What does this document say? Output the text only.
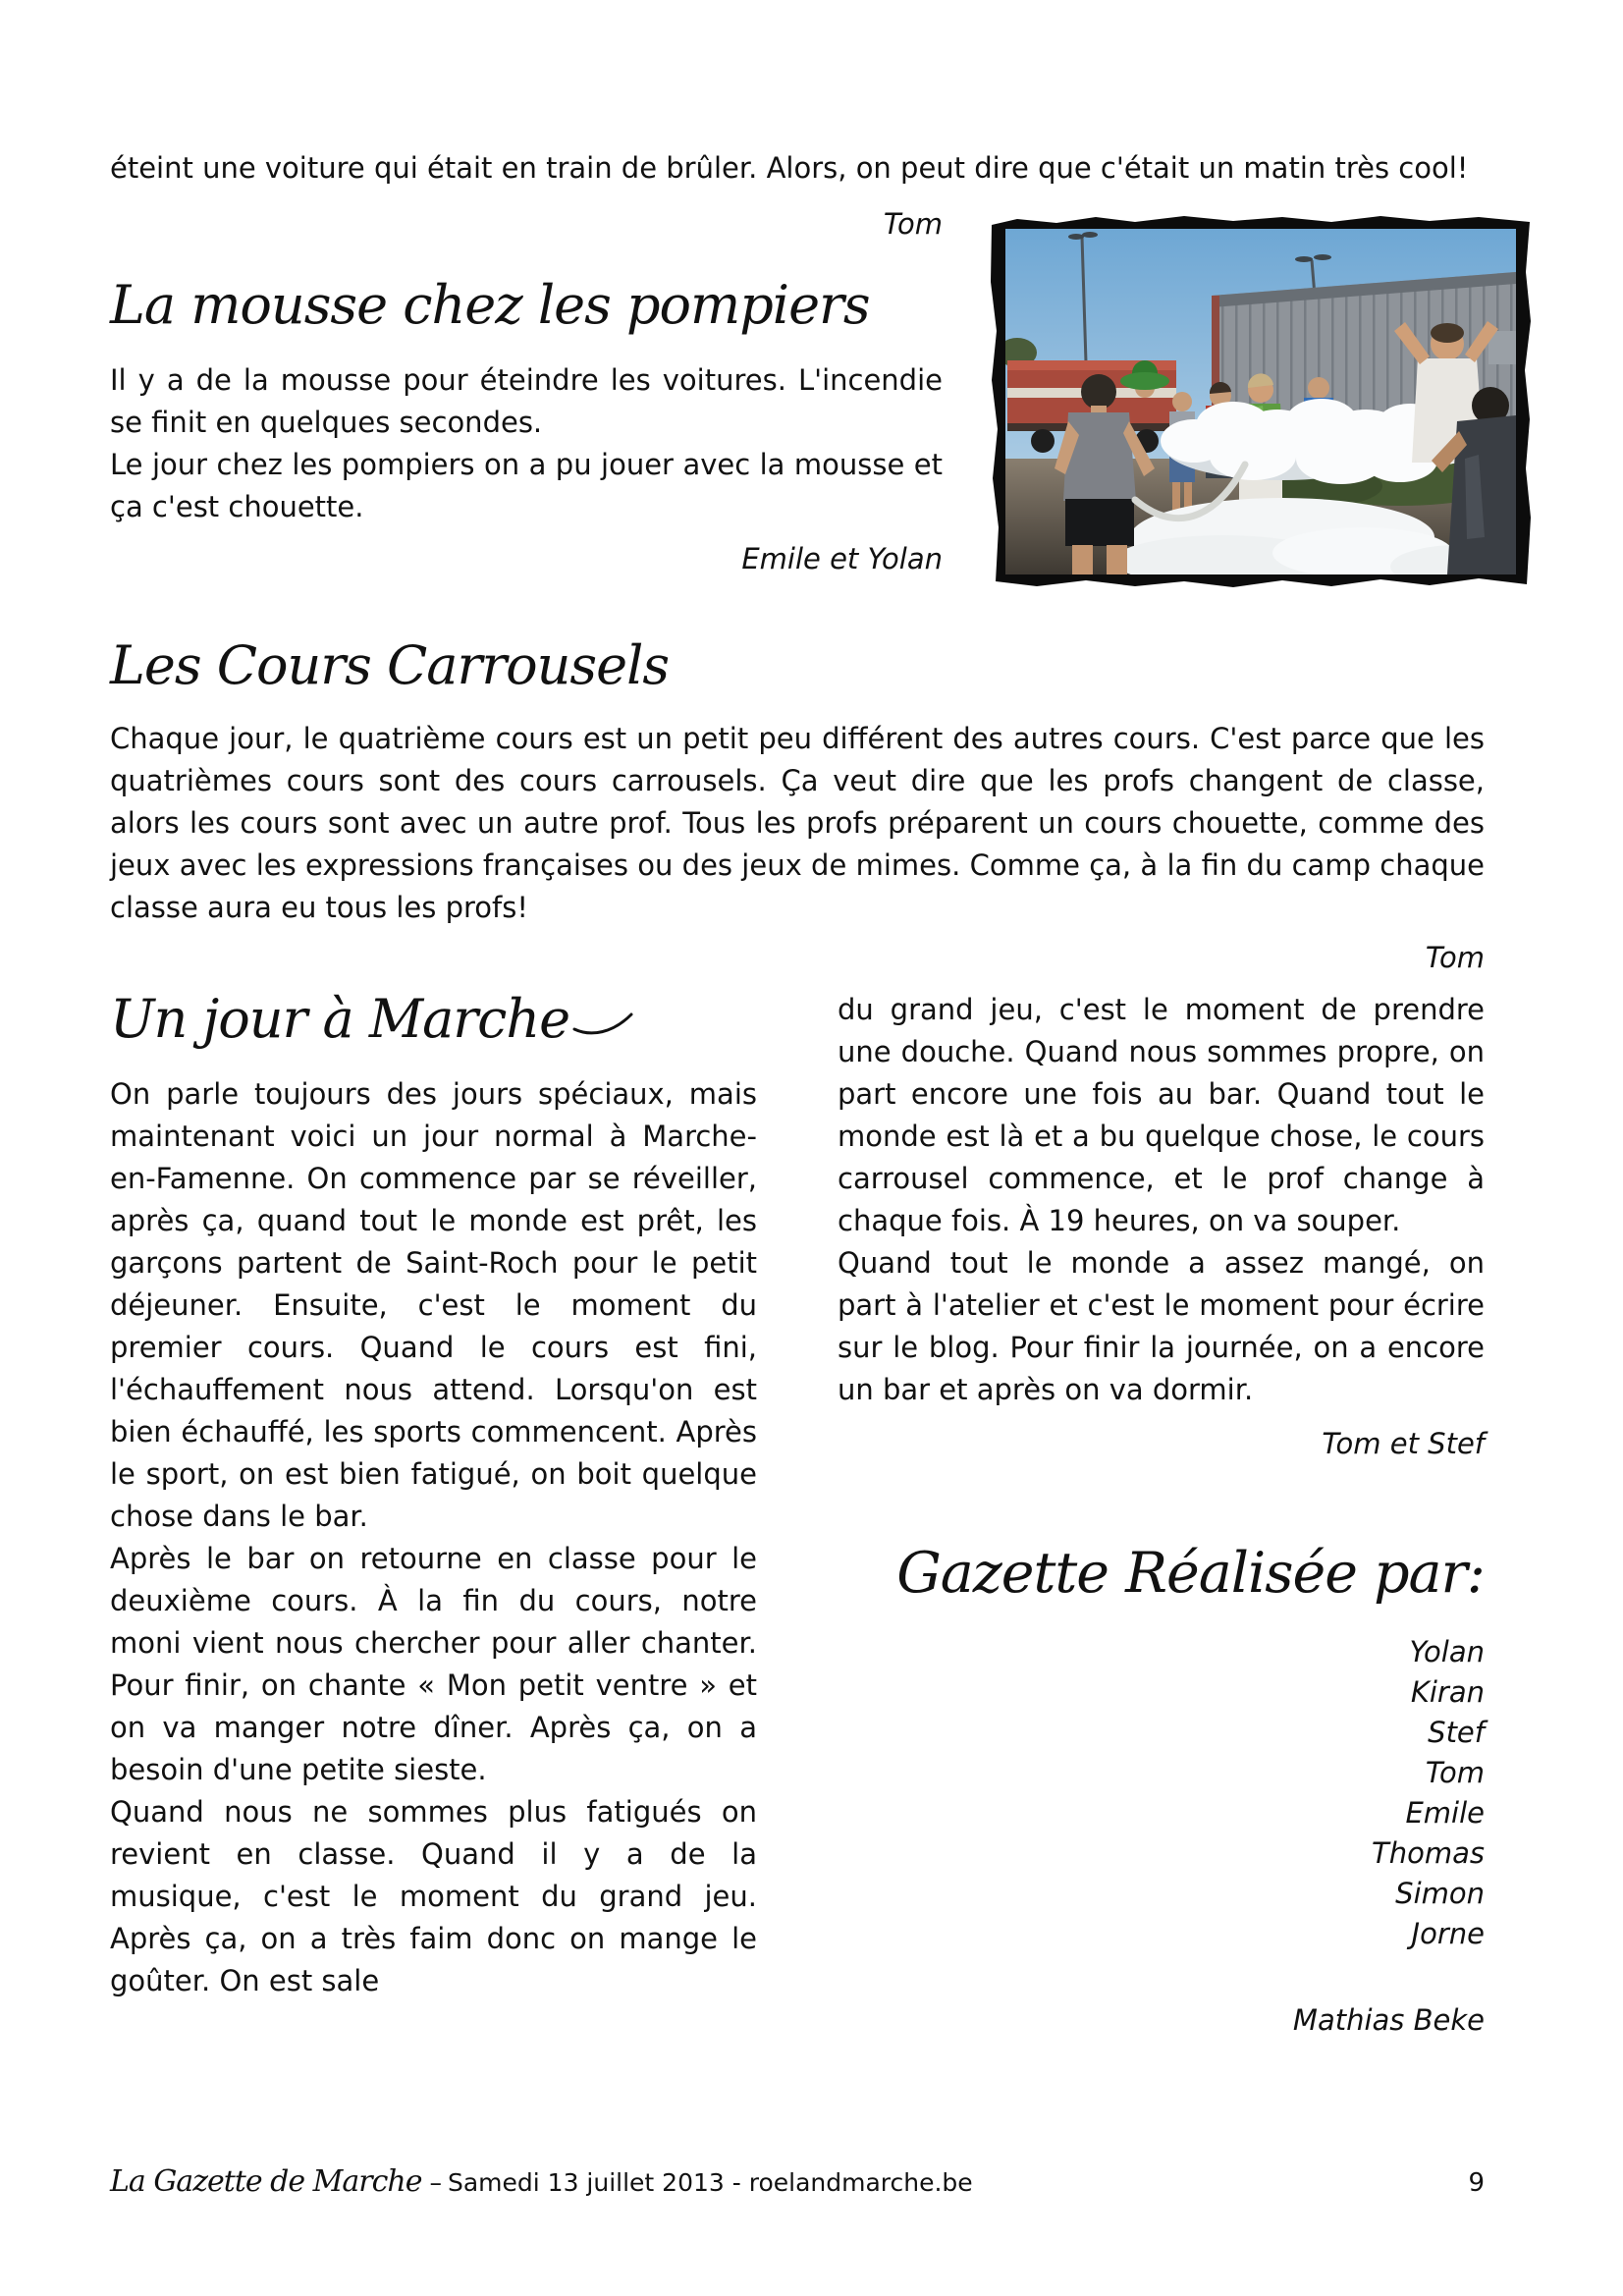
éteint une voiture qui était en train de brûler. Alors, on peut dire que c'était un matin très cool!

Tom

La mousse chez les pompiers

Il y a de la mousse pour éteindre les voitures. L'incendie se finit en quelques secondes.

Le jour chez les pompiers on a pu jouer avec la mousse et ça c'est chouette.

Emile et Yolan

Les Cours Carrousels

Chaque jour, le quatrième cours est un petit peu différent des autres cours. C'est parce que les quatrièmes cours sont des cours carrousels. Ça veut dire que les profs changent de classe, alors les cours sont avec un autre prof. Tous les profs préparent un cours chouette, comme des jeux avec les expressions françaises ou des jeux de mimes. Comme ça, à la fin du camp chaque classe aura eu tous les profs!

Tom

Un jour à Marche

On parle toujours des jours spéciaux, mais maintenant voici un jour normal à Marche-en-Famenne. On commence par se réveiller, après ça, quand tout le monde est prêt, les garçons partent de Saint-Roch pour le petit déjeuner. Ensuite, c'est le moment du premier cours. Quand le cours est fini, l'échauffement nous attend. Lorsqu'on est bien échauffé, les sports commencent. Après le sport, on est bien fatigué, on boit quelque chose dans le bar.

Après le bar on retourne en classe pour le deuxième cours. À la fin du cours, notre moni vient nous chercher pour aller chanter. Pour finir, on chante « Mon petit ventre » et on va manger notre dîner. Après ça, on a besoin d'une petite sieste.

Quand nous ne sommes plus fatigués on revient en classe. Quand il y a de la musique, c'est le moment du grand jeu. Après ça, on a très faim donc on mange le goûter. On est sale

du grand jeu, c'est le moment de prendre une douche. Quand nous sommes propre, on part encore une fois au bar. Quand tout le monde est là et a bu quelque chose, le cours carrousel commence, et le prof change à chaque fois. À 19 heures, on va souper.

Quand tout le monde a assez mangé, on part à l'atelier et c'est le moment pour écrire sur le blog. Pour finir la journée, on a encore un bar et après on va dormir.

Tom et Stef

Gazette Réalisée par:
Yolan
Kiran
Stef
Tom
Emile
Thomas
Simon
Jorne

Mathias Beke

La Gazette de Marche – Samedi 13 juillet 2013 - roelandmarche.be	9
